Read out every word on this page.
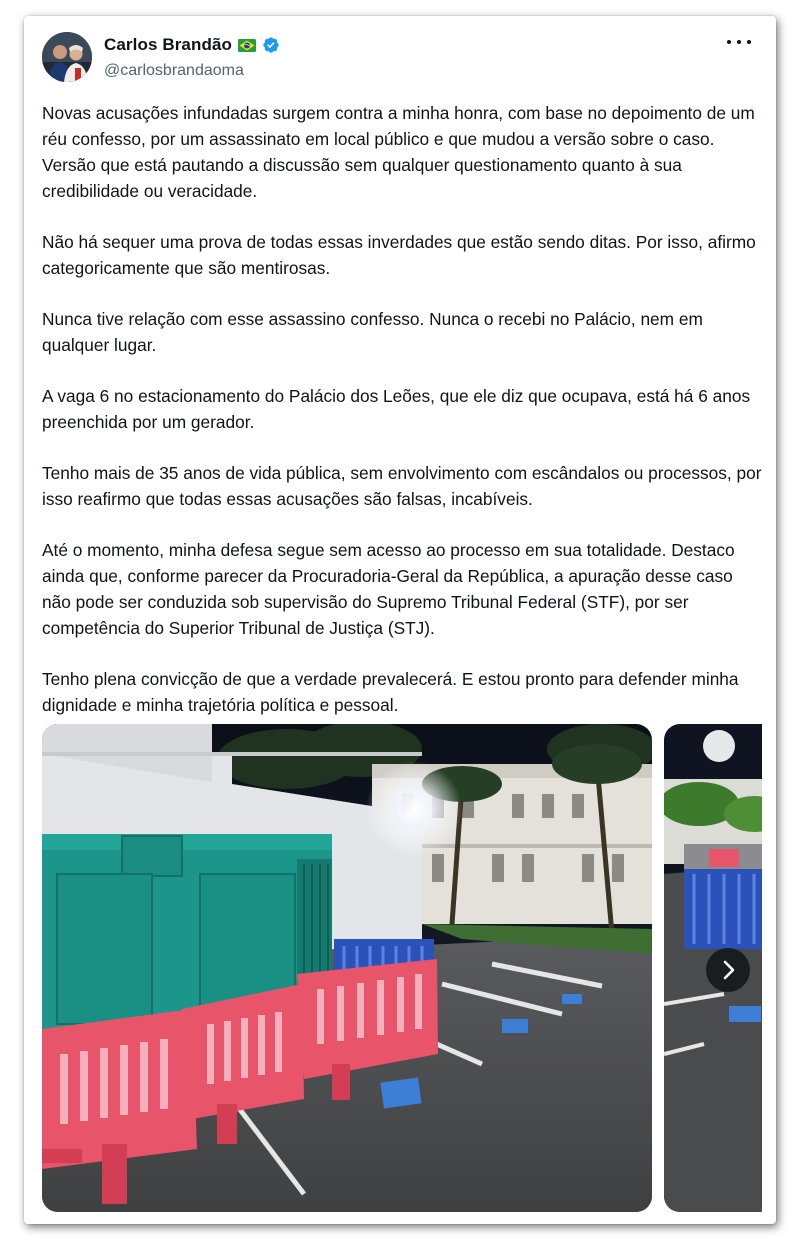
Carlos Brandão
@carlosbrandaoma

Novas acusações infundadas surgem contra a minha honra, com base no depoimento de um réu confesso, por um assassinato em local público e que mudou a versão sobre o caso. Versão que está pautando a discussão sem qualquer questionamento quanto à sua credibilidade ou veracidade.

Não há sequer uma prova de todas essas inverdades que estão sendo ditas. Por isso, afirmo categoricamente que são mentirosas.

Nunca tive relação com esse assassino confesso. Nunca o recebi no Palácio, nem em qualquer lugar.

A vaga 6 no estacionamento do Palácio dos Leões, que ele diz que ocupava, está há 6 anos preenchida por um gerador.

Tenho mais de 35 anos de vida pública, sem envolvimento com escândalos ou processos, por isso reafirmo que todas essas acusações são falsas, incabíveis.

Até o momento, minha defesa segue sem acesso ao processo em sua totalidade. Destaco ainda que, conforme parecer da Procuradoria-Geral da República, a apuração desse caso não pode ser conduzida sob supervisão do Supremo Tribunal Federal (STF), por ser competência do Superior Tribunal de Justiça (STJ).

Tenho plena convicção de que a verdade prevalecerá. E estou pronto para defender minha dignidade e minha trajetória política e pessoal.
